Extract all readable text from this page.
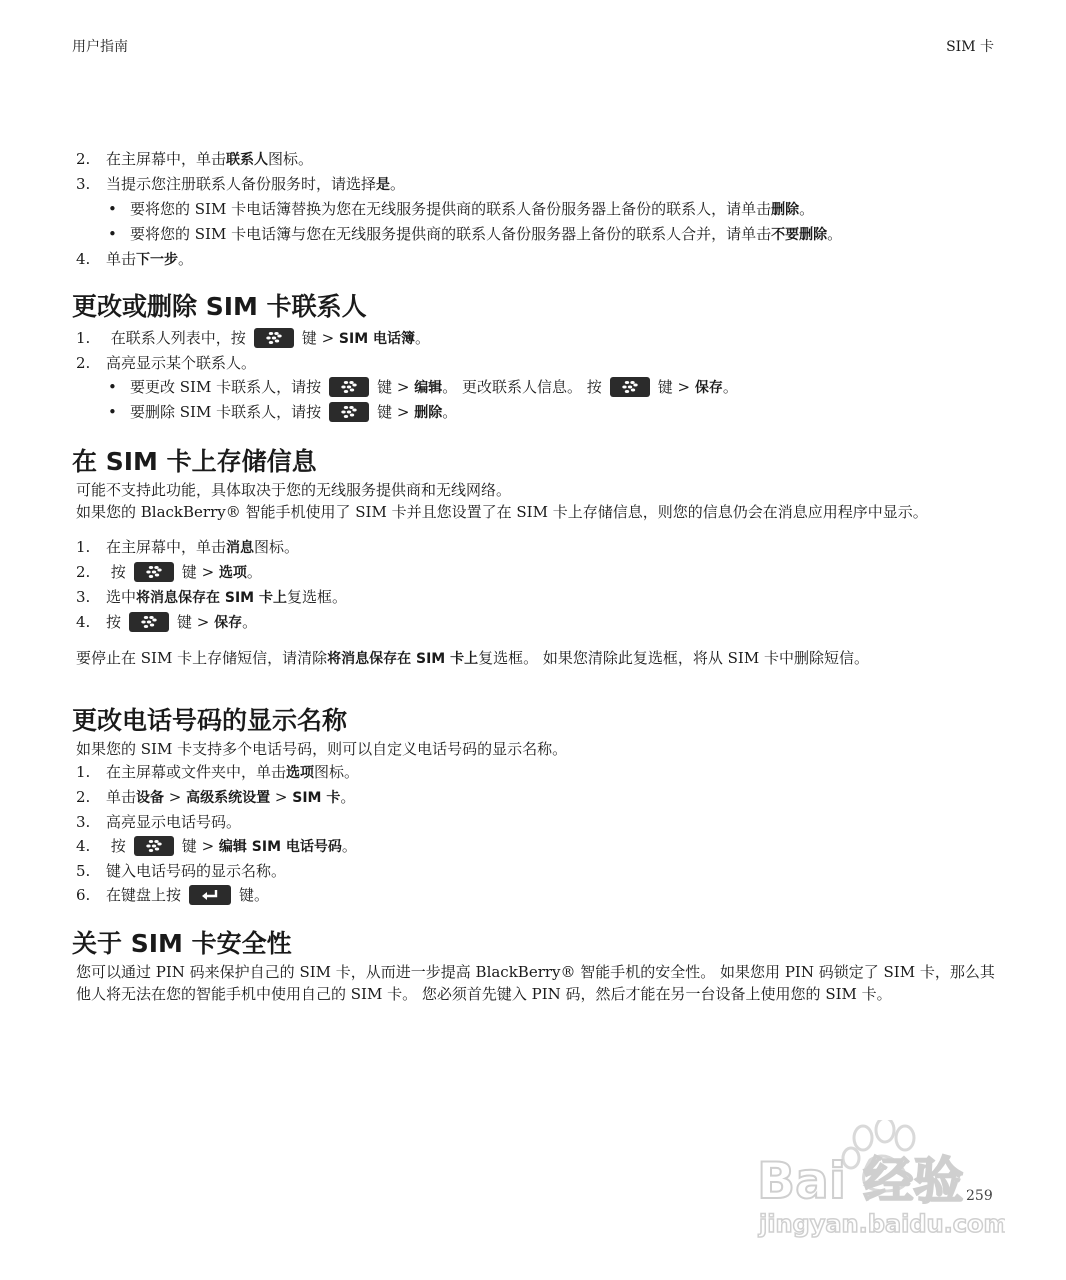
用户指南	SIM 卡
2. 在主屏幕中，单击联系人图标。
3. 当提示您注册联系人备份服务时，请选择是。
• 要将您的 SIM 卡电话簿替换为您在无线服务提供商的联系人备份服务器上备份的联系人，请单击删除。
• 要将您的 SIM 卡电话簿与您在无线服务提供商的联系人备份服务器上备份的联系人合并，请单击不要删除。
4. 单击下一步。
更改或删除 SIM 卡联系人
1. 在联系人列表中，按	键 > SIM 电话簿。
2. 高亮显示某个联系人。
• 要更改 SIM 卡联系人，请按	键 > 编辑。 更改联系人信息。 按	键 > 保存。
• 要删除 SIM 卡联系人，请按	键 > 删除。
在 SIM 卡上存储信息

可能不支持此功能，具体取决于您的无线服务提供商和无线网络。

如果您的 BlackBerry® 智能手机使用了 SIM 卡并且您设置了在 SIM 卡上存储信息，则您的信息仍会在消息应用程序中显示。

1. 在主屏幕中，单击消息图标。
2. 按	键 > 选项。
3. 选中将消息保存在 SIM 卡上复选框。
4. 按	键 > 保存。

要停止在 SIM 卡上存储短信，请清除将消息保存在 SIM 卡上复选框。 如果您清除此复选框，将从 SIM 卡中删除短信。

更改电话号码的显示名称

如果您的 SIM 卡支持多个电话号码，则可以自定义电话号码的显示名称。

1. 在主屏幕或文件夹中，单击选项图标。
2. 单击设备 > 高级系统设置 > SIM 卡。
3. 高亮显示电话号码。
4. 按	键 > 编辑 SIM 电话号码。
5. 键入电话号码的显示名称。
6. 在键盘上按	键。
关于 SIM 卡安全性

您可以通过 PIN 码来保护自己的 SIM 卡，从而进一步提高 BlackBerry® 智能手机的安全性。 如果您用 PIN 码锁定了 SIM 卡，那么其他人将无法在您的智能手机中使用自己的 SIM 卡。 您必须首先键入 PIN 码，然后才能在另一台设备上使用您的 SIM 卡。

Bai 经验
jingyan.baidu.com
259
